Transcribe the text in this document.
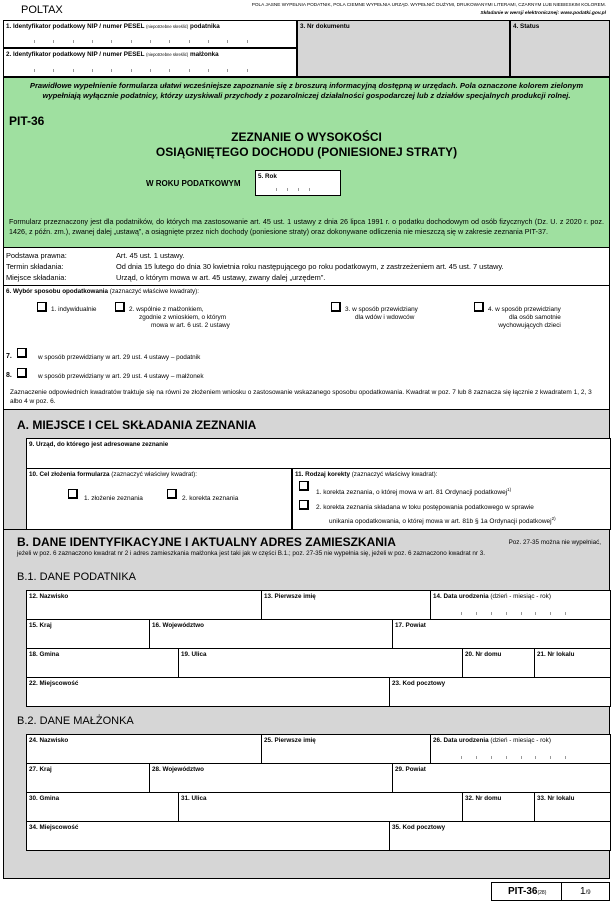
POLTAX	POLA JASNE WYPEŁNIA PODATNIK, POLA CIEMNE WYPEŁNIA URZĄD. WYPEŁNIĆ DUŻYMI, DRUKOWANYMI LITERAMI, CZARNYM LUB NIEBIESKIM KOLOREM.
Składanie w wersji elektronicznej: www.podatki.gov.pl
1. Identyfikator podatkowy NIP / numer PESEL (niepotrzebne skreślić) podatnika
2. Identyfikator podatkowy NIP / numer PESEL (niepotrzebne skreślić) małżonka
3. Nr dokumentu	4. Status
Prawidłowe wypełnienie formularza ułatwi wcześniejsze zapoznanie się z broszurą informacyjną dostępną w urzędach. Pola oznaczone kolorem zielonym wypełniają wyłącznie podatnicy, którzy uzyskiwali przychody z pozarolniczej działalności gospodarczej lub z działów specjalnych produkcji rolnej.
PIT-36
ZEZNANIE O WYSOKOŚCI
OSIĄGNIĘTEGO DOCHODU (PONIESIONEJ STRATY)
W ROKU PODATKOWYM
5. Rok
Formularz przeznaczony jest dla podatników, do których ma zastosowanie art. 45 ust. 1 ustawy z dnia 26 lipca 1991 r. o podatku dochodowym od osób fizycznych (Dz. U. z 2020 r. poz. 1426, z późn. zm.), zwanej dalej „ustawą”, a osiągnięte przez nich dochody (poniesione straty) oraz dokonywane odliczenia nie mieszczą się w zakresie zeznania PIT-37.
Podstawa prawna:	Art. 45 ust. 1 ustawy.
Termin składania:	Od dnia 15 lutego do dnia 30 kwietnia roku następującego po roku podatkowym, z zastrzeżeniem art. 45 ust. 7 ustawy.
Miejsce składania:	Urząd, o którym mowa w art. 45 ustawy, zwany dalej „urzędem”.
6. Wybór sposobu opodatkowania (zaznaczyć właściwe kwadraty):
1. indywidualnie	2. wspólnie z małżonkiem,
zgodnie z wnioskiem, o którym
mowa w art. 6 ust. 2 ustawy
3. w sposób przewidziany
dla wdów i wdowców
4. w sposób przewidziany
dla osób samotnie
wychowujących dzieci
7.	w sposób przewidziany w art. 29 ust. 4 ustawy – podatnik
8.	w sposób przewidziany w art. 29 ust. 4 ustawy – małżonek
Zaznaczenie odpowiednich kwadratów traktuje się na równi ze złożeniem wniosku o zastosowanie wskazanego sposobu opodatkowania. Kwadrat w poz. 7 lub 8 zaznacza się łącznie z kwadratem 1, 2, 3 albo 4 w poz. 6.
A. MIEJSCE I CEL SKŁADANIA ZEZNANIA
9. Urząd, do którego jest adresowane zeznanie
10. Cel złożenia formularza (zaznaczyć właściwy kwadrat):
1. złożenie zeznania	2. korekta zeznania
11. Rodzaj korekty (zaznaczyć właściwy kwadrat):
1. korekta zeznania, o której mowa w art. 81 Ordynacji podatkowej$^{1)}$
2. korekta zeznania składana w toku postępowania podatkowego w sprawie
unikania opodatkowania, o której mowa w art. 81b § 1a Ordynacji podatkowej$^{2)}$
B. DANE IDENTYFIKACYJNE I AKTUALNY ADRES ZAMIESZKANIA	Poz. 27-35 można nie wypełniać,
jeżeli w poz. 6 zaznaczono kwadrat nr 2 i adres zamieszkania małżonka jest taki jak w części B.1.; poz. 27-35 nie wypełnia się, jeżeli w poz. 6 zaznaczono kwadrat nr 3.
B.1. DANE PODATNIKA
12. Nazwisko	13. Pierwsze imię	14. Data urodzenia (dzień - miesiąc - rok)
15. Kraj	16. Województwo	17. Powiat
18. Gmina	19. Ulica	20. Nr domu	21. Nr lokalu
22. Miejscowość	23. Kod pocztowy
B.2. DANE MAŁŻONKA
24. Nazwisko	25. Pierwsze imię	26. Data urodzenia (dzień - miesiąc - rok)
27. Kraj	28. Województwo	29. Powiat
30. Gmina	31. Ulica	32. Nr domu	33. Nr lokalu
34. Miejscowość	35. Kod pocztowy
PIT-36(28)	1/9
